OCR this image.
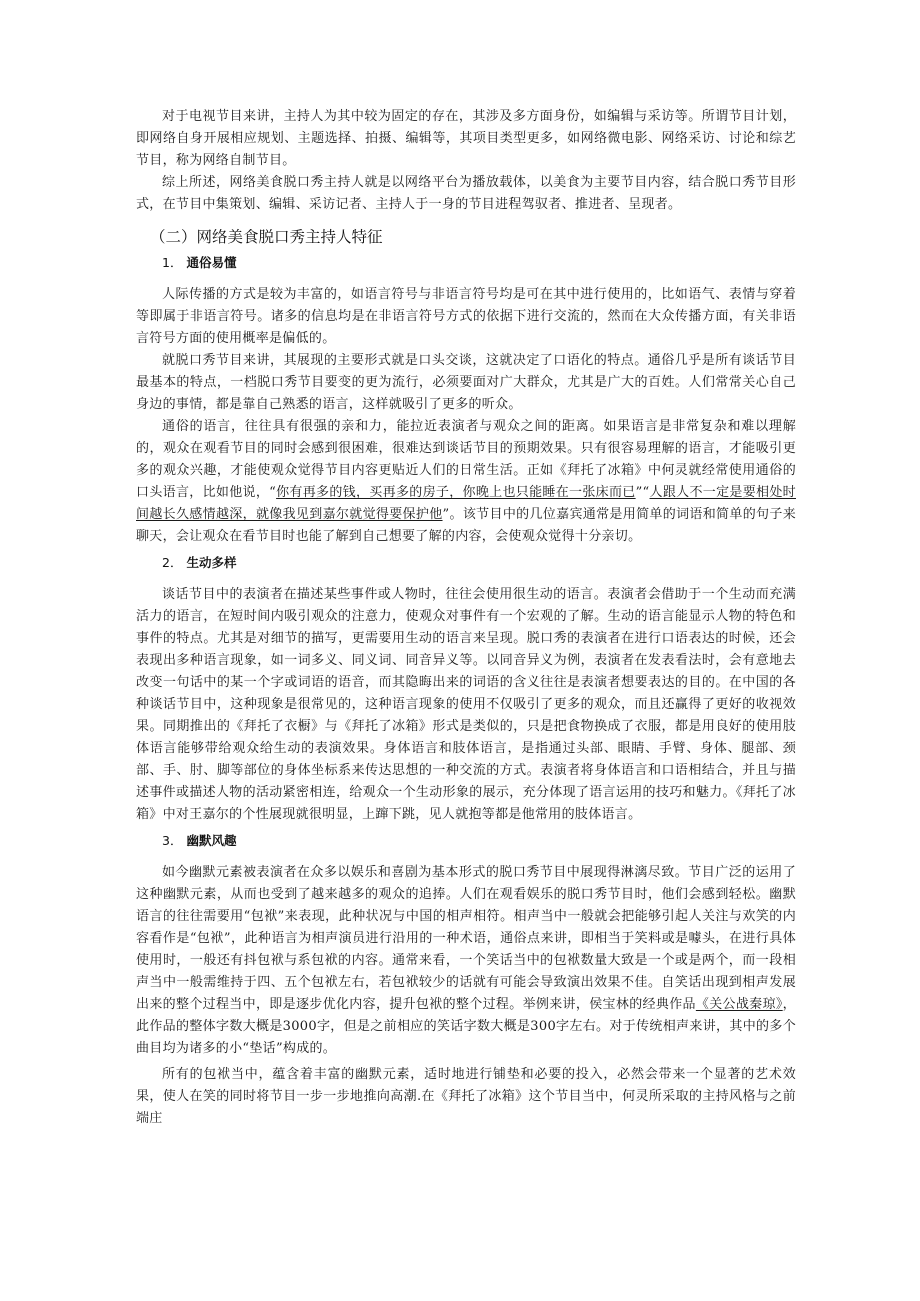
对于电视节目来讲，主持人为其中较为固定的存在，其涉及多方面身份，如编辑与采访等。所谓节目计划，即网络自身开展相应规划、主题选择、拍摄、编辑等，其项目类型更多，如网络微电影、网络采访、讨论和综艺节目，称为网络自制节目。

综上所述，网络美食脱口秀主持人就是以网络平台为播放载体，以美食为主要节目内容，结合脱口秀节目形式，在节目中集策划、编辑、采访记者、主持人于一身的节目进程驾驭者、推进者、呈现者。

（二）网络美食脱口秀主持人特征
1． 通俗易懂

人际传播的方式是较为丰富的，如语言符号与非语言符号均是可在其中进行使用的，比如语气、表情与穿着等即属于非语言符号。诸多的信息均是在非语言符号方式的依据下进行交流的，然而在大众传播方面，有关非语言符号方面的使用概率是偏低的。

就脱口秀节目来讲，其展现的主要形式就是口头交谈，这就决定了口语化的特点。通俗几乎是所有谈话节目最基本的特点，一档脱口秀节目要变的更为流行，必须要面对广大群众，尤其是广大的百姓。人们常常关心自己身边的事情，都是靠自己熟悉的语言，这样就吸引了更多的听众。

通俗的语言，往往具有很强的亲和力，能拉近表演者与观众之间的距离。如果语言是非常复杂和难以理解的，观众在观看节目的同时会感到很困难，很难达到谈话节目的预期效果。只有很容易理解的语言，才能吸引更多的观众兴趣，才能使观众觉得节目内容更贴近人们的日常生活。正如《拜托了冰箱》中何灵就经常使用通俗的口头语言，比如他说，“你有再多的钱，买再多的房子，你晚上也只能睡在一张床而已”“人跟人不一定是要相处时间越长久感情越深，就像我见到嘉尔就觉得要保护他”。该节目中的几位嘉宾通常是用简单的词语和简单的句子来聊天，会让观众在看节目时也能了解到自己想要了解的内容，会使观众觉得十分亲切。

2． 生动多样

谈话节目中的表演者在描述某些事件或人物时，往往会使用很生动的语言。表演者会借助于一个生动而充满活力的语言，在短时间内吸引观众的注意力，使观众对事件有一个宏观的了解。生动的语言能显示人物的特色和事件的特点。尤其是对细节的描写，更需要用生动的语言来呈现。脱口秀的表演者在进行口语表达的时候，还会表现出多种语言现象，如一词多义、同义词、同音异义等。以同音异义为例，表演者在发表看法时，会有意地去改变一句话中的某一个字或词语的语音，而其隐晦出来的词语的含义往往是表演者想要表达的目的。在中国的各种谈话节目中，这种现象是很常见的，这种语言现象的使用不仅吸引了更多的观众，而且还赢得了更好的收视效果。同期推出的《拜托了衣橱》与《拜托了冰箱》形式是类似的，只是把食物换成了衣服，都是用良好的使用肢体语言能够带给观众给生动的表演效果。身体语言和肢体语言，是指通过头部、眼睛、手臂、身体、腿部、颈部、手、肘、脚等部位的身体坐标系来传达思想的一种交流的方式。表演者将身体语言和口语相结合，并且与描述事件或描述人物的活动紧密相连，给观众一个生动形象的展示，充分体现了语言运用的技巧和魅力。《拜托了冰箱》中对王嘉尔的个性展现就很明显，上蹿下跳，见人就抱等都是他常用的肢体语言。

3． 幽默风趣

如今幽默元素被表演者在众多以娱乐和喜剧为基本形式的脱口秀节目中展现得淋漓尽致。节目广泛的运用了这种幽默元素，从而也受到了越来越多的观众的追捧。人们在观看娱乐的脱口秀节目时，他们会感到轻松。幽默语言的往往需要用“包袱”来表现，此种状况与中国的相声相符。相声当中一般就会把能够引起人关注与欢笑的内容看作是“包袱”，此种语言为相声演员进行沿用的一种术语，通俗点来讲，即相当于笑料或是噱头，在进行具体使用时，一般还有抖包袱与系包袱的内容。通常来看，一个笑话当中的包袱数量大致是一个或是两个，而一段相声当中一般需维持于四、五个包袱左右，若包袱较少的话就有可能会导致演出效果不佳。自笑话出现到相声发展出来的整个过程当中，即是逐步优化内容，提升包袱的整个过程。举例来讲，侯宝林的经典作品《关公战秦琼》，此作品的整体字数大概是3000字，但是之前相应的笑话字数大概是300字左右。对于传统相声来讲，其中的多个曲目均为诸多的小“垫话”构成的。

所有的包袱当中，蕴含着丰富的幽默元素，适时地进行铺垫和必要的投入，必然会带来一个显著的艺术效果，使人在笑的同时将节目一步一步地推向高潮.在《拜托了冰箱》这个节目当中，何灵所采取的主持风格与之前端庄
